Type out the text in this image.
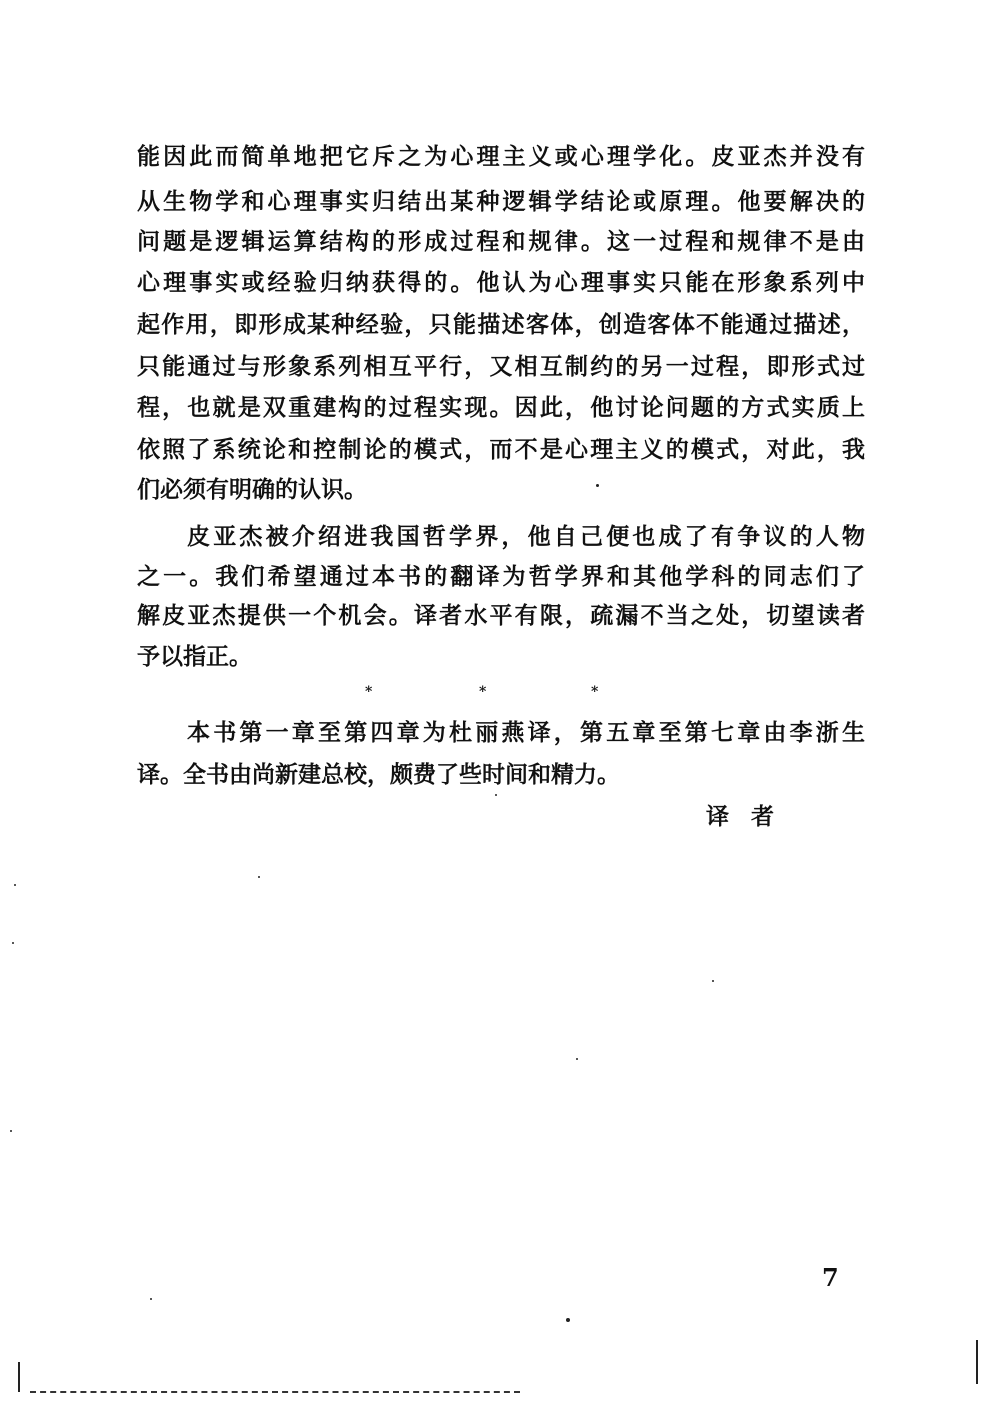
能因此而简单地把它斥之为心理主义或心理学化。皮亚杰并没有
从生物学和心理事实归结出某种逻辑学结论或原理。他要解决的
问题是逻辑运算结构的形成过程和规律。这一过程和规律不是由
心理事实或经验归纳获得的。他认为心理事实只能在形象系列中
起作用，即形成某种经验，只能描述客体，创造客体不能通过描述，
只能通过与形象系列相互平行，又相互制约的另一过程，即形式过
程，也就是双重建构的过程实现。因此，他讨论问题的方式实质上
依照了系统论和控制论的模式，而不是心理主义的模式，对此，我
们必须有明确的认识。
皮亚杰被介绍进我国哲学界，他自己便也成了有争议的人物
之一。我们希望通过本书的翻译为哲学界和其他学科的同志们了
解皮亚杰提供一个机会。译者水平有限，疏漏不当之处，切望读者
予以指正。
*	*	*
本书第一章至第四章为杜丽燕译，第五章至第七章由李浙生
译。全书由尚新建总校，颇费了些时间和精力。
译者
7
